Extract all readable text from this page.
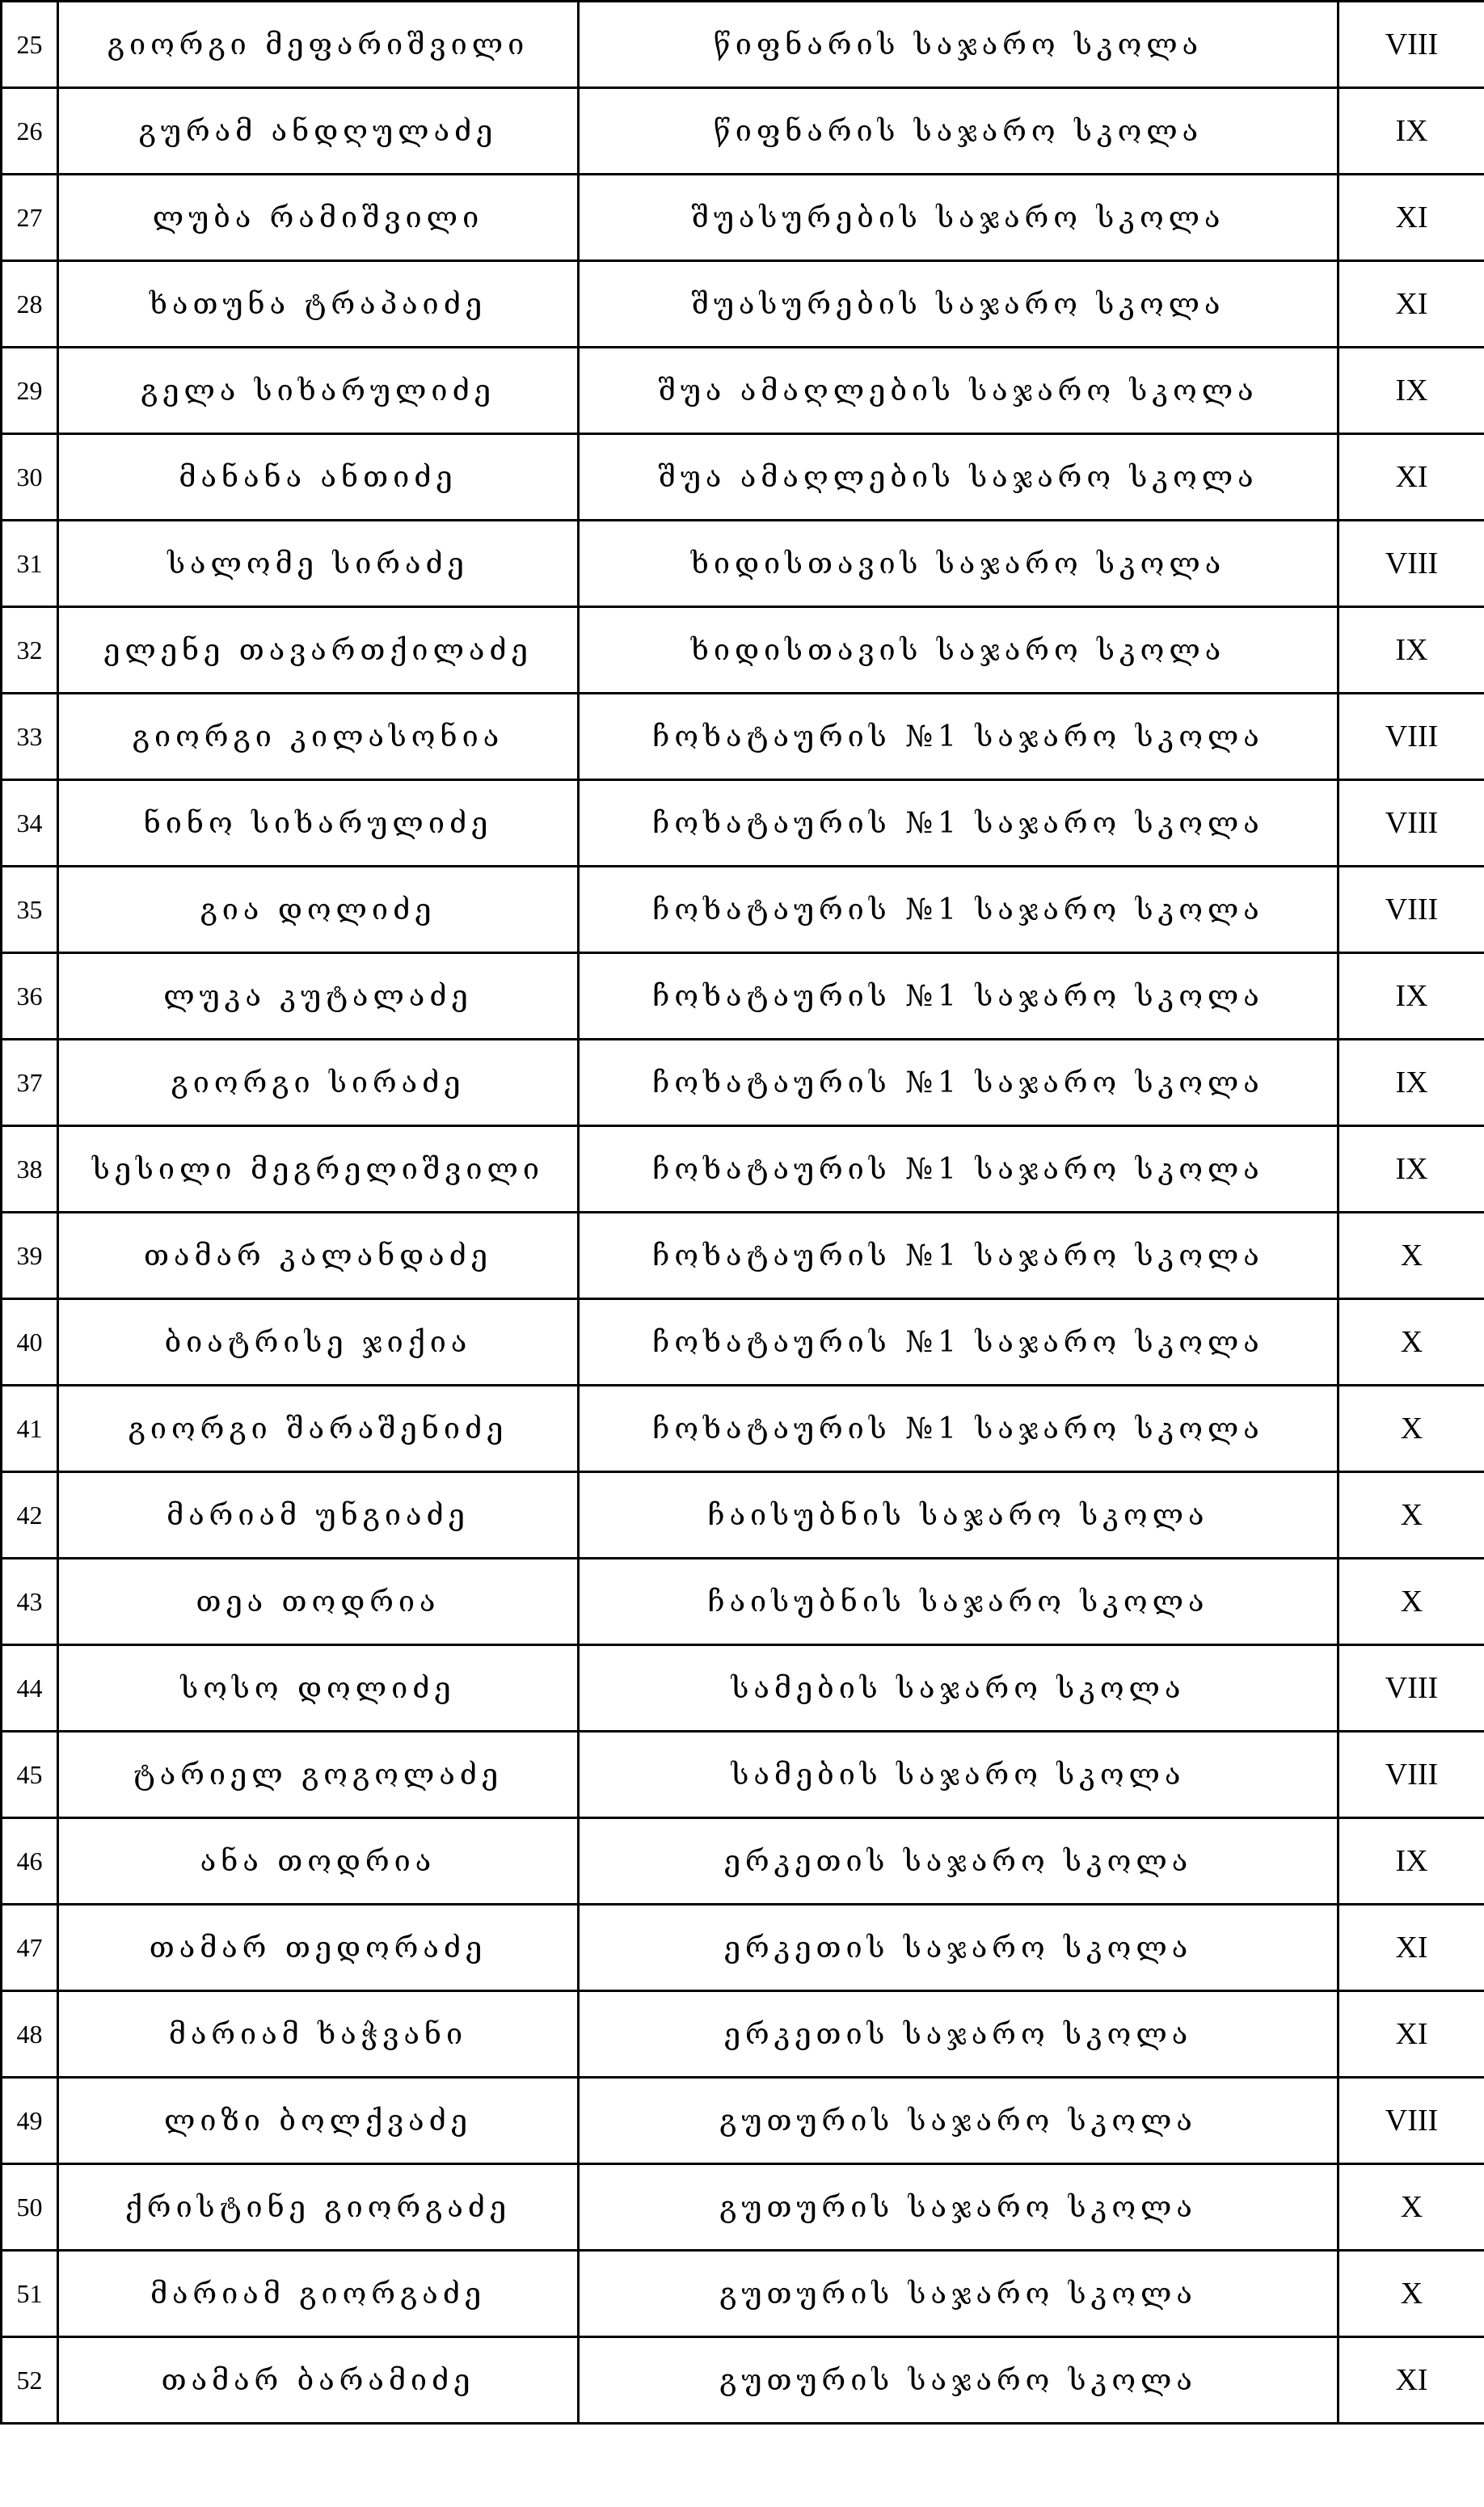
25	გიორგი მეფარიშვილი	წიფნარის საჯარო სკოლა	VIII
26	გურამ ანდღულაძე	წიფნარის საჯარო სკოლა	IX
27	ლუბა რამიშვილი	შუასურების საჯარო სკოლა	XI
28	ხათუნა ტრაპაიძე	შუასურების საჯარო სკოლა	XI
29	გელა სიხარულიძე	შუა ამაღლების საჯარო სკოლა	IX
30	მანანა ანთიძე	შუა ამაღლების საჯარო სკოლა	XI
31	სალომე სირაძე	ხიდისთავის საჯარო სკოლა	VIII
32	ელენე თავართქილაძე	ხიდისთავის საჯარო სკოლა	IX
33	გიორგი კილასონია	ჩოხატაურის №1 საჯარო სკოლა	VIII
34	ნინო სიხარულიძე	ჩოხატაურის №1 საჯარო სკოლა	VIII
35	გია დოლიძე	ჩოხატაურის №1 საჯარო სკოლა	VIII
36	ლუკა კუტალაძე	ჩოხატაურის №1 საჯარო სკოლა	IX
37	გიორგი სირაძე	ჩოხატაურის №1 საჯარო სკოლა	IX
38	სესილი მეგრელიშვილი	ჩოხატაურის №1 საჯარო სკოლა	IX
39	თამარ კალანდაძე	ჩოხატაურის №1 საჯარო სკოლა	X
40	ბიატრისე ჯიქია	ჩოხატაურის №1 საჯარო სკოლა	X
41	გიორგი შარაშენიძე	ჩოხატაურის №1 საჯარო სკოლა	X
42	მარიამ უნგიაძე	ჩაისუბნის საჯარო სკოლა	X
43	თეა თოდრია	ჩაისუბნის საჯარო სკოლა	X
44	სოსო დოლიძე	სამების საჯარო სკოლა	VIII
45	ტარიელ გოგოლაძე	სამების საჯარო სკოლა	VIII
46	ანა თოდრია	ერკეთის საჯარო სკოლა	IX
47	თამარ თედორაძე	ერკეთის საჯარო სკოლა	XI
48	მარიამ ხაჭვანი	ერკეთის საჯარო სკოლა	XI
49	ლიზი ბოლქვაძე	გუთურის საჯარო სკოლა	VIII
50	ქრისტინე გიორგაძე	გუთურის საჯარო სკოლა	X
51	მარიამ გიორგაძე	გუთურის საჯარო სკოლა	X
52	თამარ ბარამიძე	გუთურის საჯარო სკოლა	XI
